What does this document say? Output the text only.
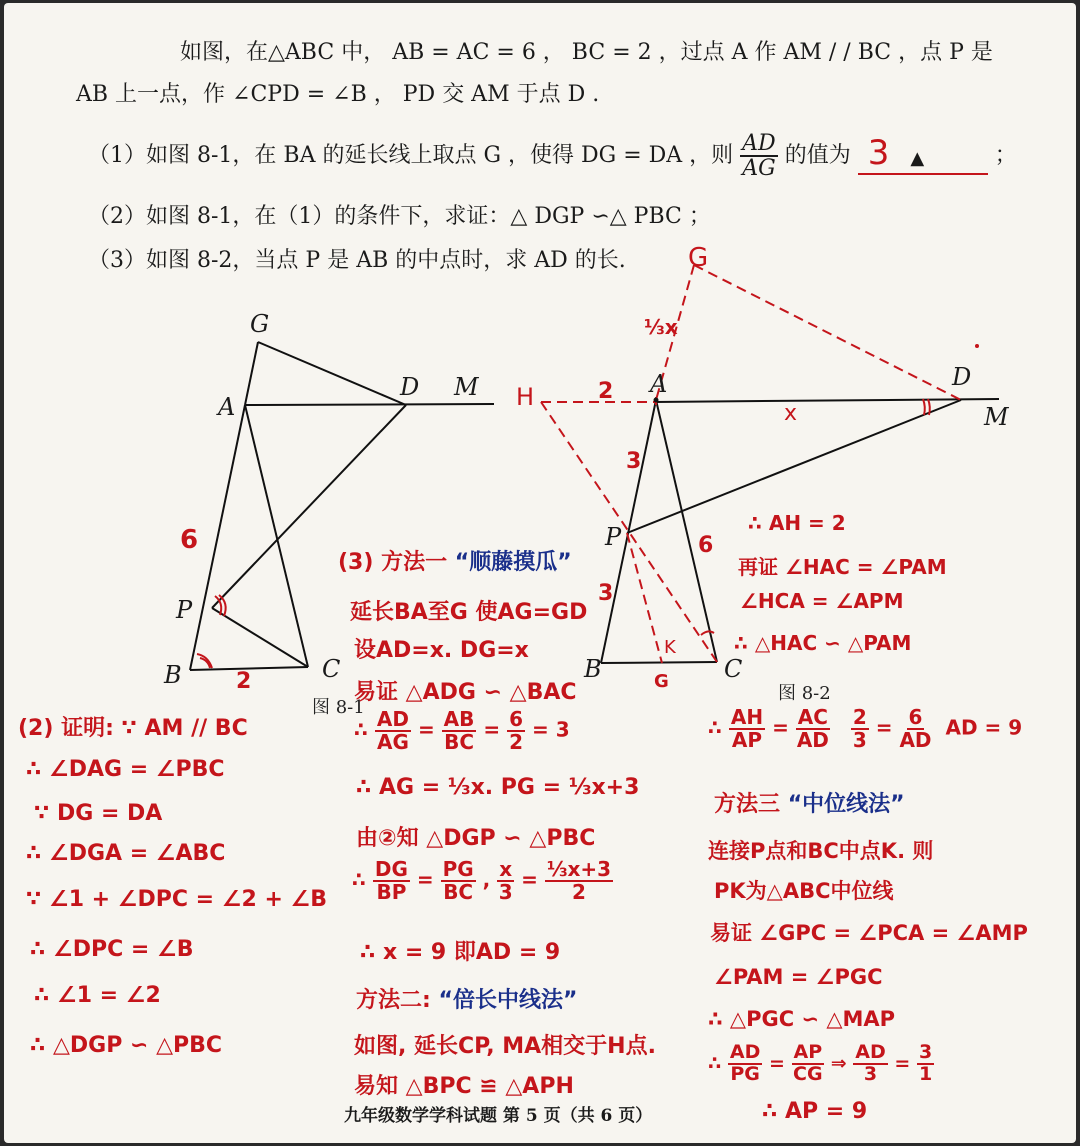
如图，在△ABC 中， AB = AC = 6 ， BC = 2 ，过点 A 作 AM / / BC ，点 P 是
AB 上一点，作 ∠CPD = ∠B ， PD 交 AM 于点 D .
（1）如图 8-1，在 BA 的延长线上取点 G ，使得 DG = DA ，则 $\frac{AD}{AG}$ 的值为 3 ▲	；
（2）如图 8-1，在（1）的条件下，求证：△ DGP ∽△ PBC ；
（3）如图 8-2，当点 P 是 AB 的中点时，求 AD 的长.
G
A
D M
P
B	C
6
2
图 8-1
G
H	A	D
M
P
B	C
K
G
⅓x
2
x
3
3
6
图 8-2
(2) 证明: ∵ AM // BC
∴ ∠DAG = ∠PBC
∵ DG = DA
∴ ∠DGA = ∠ABC
∵ ∠1 + ∠DPC = ∠2 + ∠B
∴ ∠DPC = ∠B
∴ ∠1 = ∠2
∴ △DGP ∽ △PBC
(3) 方法一 “顺藤摸瓜”
延长BA至G 使AG=GD
设AD=x. DG=x
易证 △ADG ∽ △BAC
∴ $\frac{AD}{AG} = \frac{AB}{BC} = \frac{6}{2} = 3$
∴ AG = ⅓x. PG = ⅓x+3
由②知 △DGP ∽ △PBC
∴ $\frac{DG}{BP} = \frac{PG}{BC}$ , $\frac{x}{3} = \frac{\text{⅓x+3}}{2}$
∴ x = 9 即AD = 9
方法二: “倍长中线法”
如图, 延长CP, MA相交于H点.
易知 △BPC ≌ △APH
∴ AH = 2
再证 ∠HAC = ∠PAM
∠HCA = ∠APM
∴ △HAC ∽ △PAM
∴ $\frac{AH}{AP} = \frac{AC}{AD}$
$\frac{2}{3} = \frac{6}{AD}$ AD = 9
方法三 “中位线法”
连接P点和BC中点K. 则
PK为△ABC中位线
易证 ∠GPC = ∠PCA = ∠AMP
∠PAM = ∠PGC
∴ △PGC ∽ △MAP
∴ $\frac{AD}{PG} = \frac{AP}{CG}$ ⇒ $\frac{AD}{3} = \frac{3}{1}$
∴ AP = 9
九年级数学学科试题 第 5 页（共 6 页）
